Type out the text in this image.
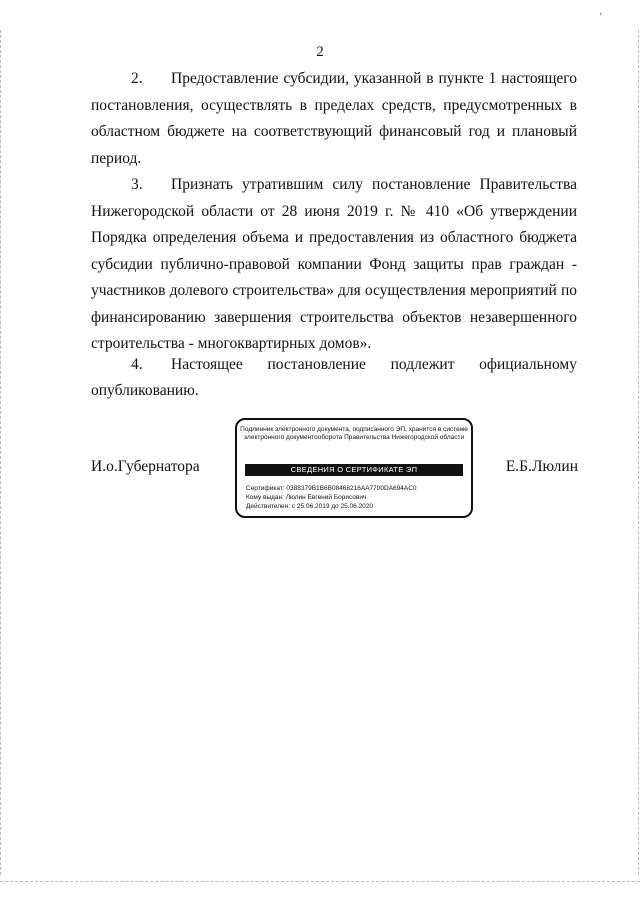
'
2
2. Предоставление субсидии, указанной в пункте 1 настоящего постановления, осуществлять в пределах средств, предусмотренных в областном бюджете на соответствующий финансовый год и плановый период.
3. Признать утратившим силу постановление Правительства Нижегородской области от 28 июня 2019 г. № 410 «Об утверждении Порядка определения объема и предоставления из областного бюджета субсидии публично-правовой компании Фонд защиты прав граждан - участников долевого строительства» для осуществления мероприятий по финансированию завершения строительства объектов незавершенного строительства - многоквартирных домов».
4. Настоящее постановление подлежит официальному
опубликованию.
И.о.Губернатора	Е.Б.Люлин
Подлинник электронного документа, подписанного ЭП, хранится в системе электронного документооборота Правительства Нижегородской области
СВЕДЕНИЯ О СЕРТИФИКАТЕ ЭП
Сертификат: 0388379B1B6B08468216AA7700DA694AC0
Кому выдан: Люлин Евгений Борисович
Действителен: с 25.06.2019 до 25.06.2020
